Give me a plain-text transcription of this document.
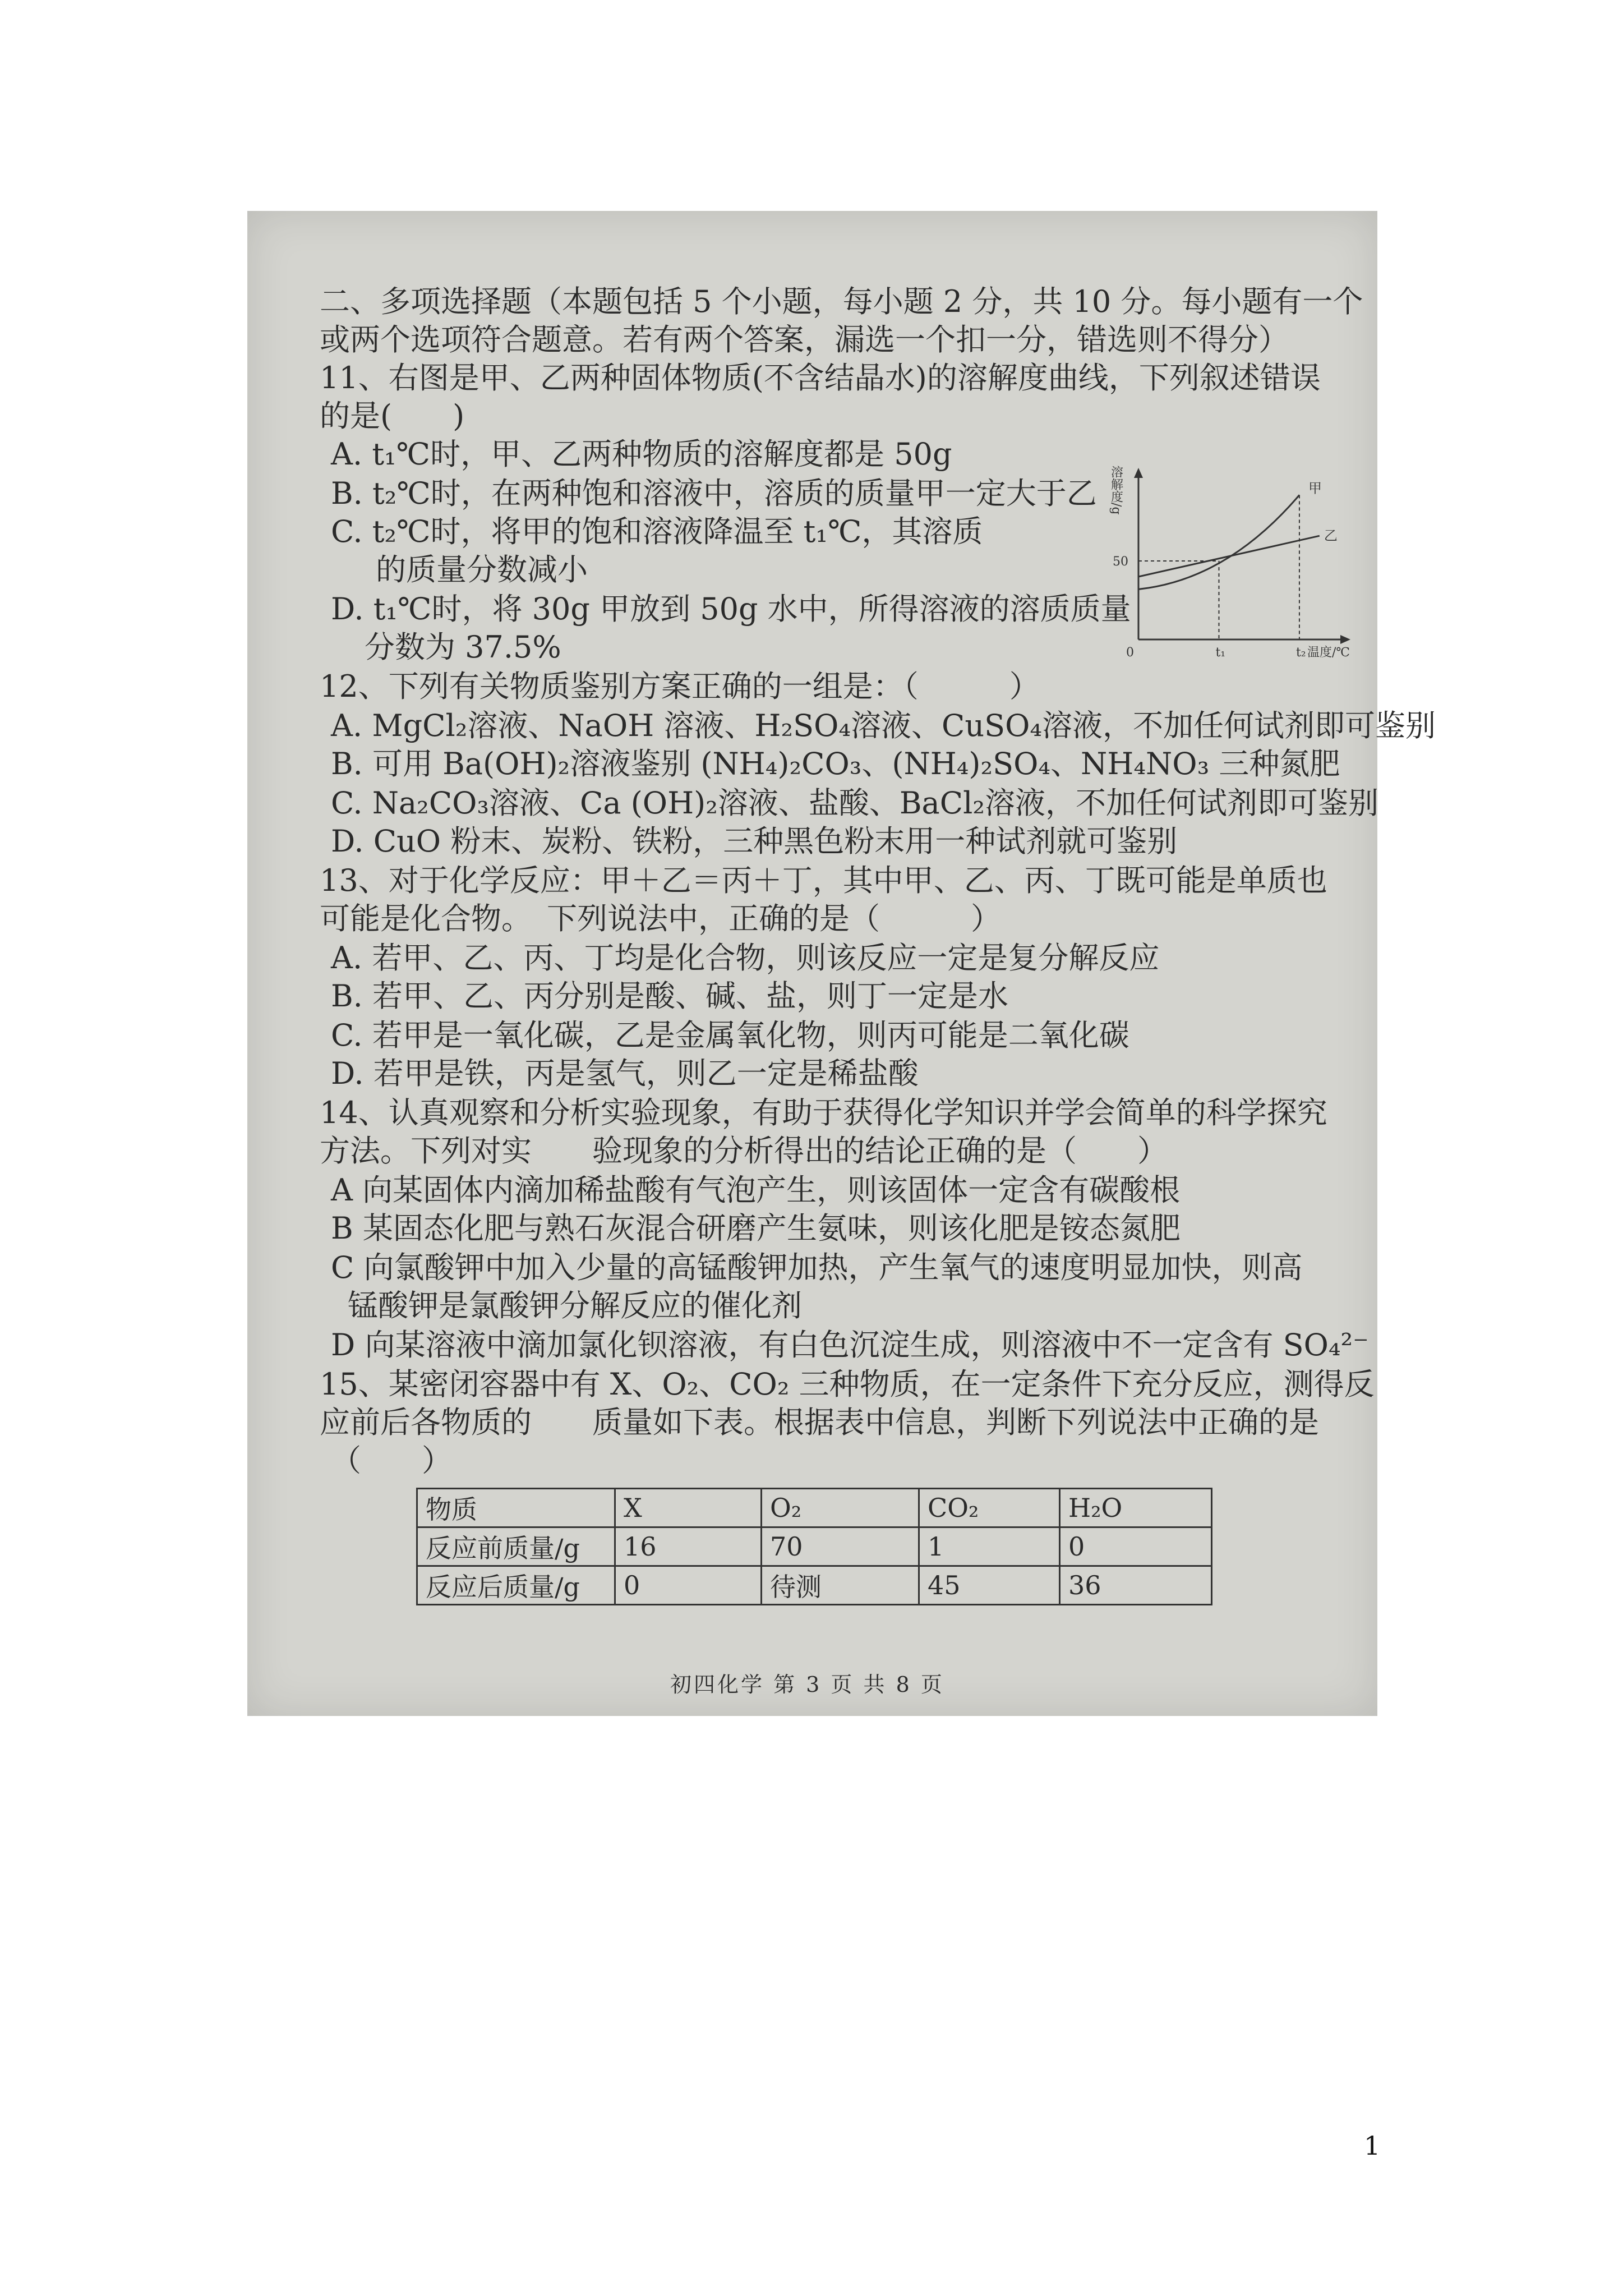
二、多项选择题（本题包括 5 个小题，每小题 2 分，共 10 分。每小题有一个
或两个选项符合题意。若有两个答案，漏选一个扣一分，错选则不得分）
11、右图是甲、乙两种固体物质(不含结晶水)的溶解度曲线，下列叙述错误
的是(　　)
A. t₁℃时，甲、乙两种物质的溶解度都是 50g
B. t₂℃时，在两种饱和溶液中，溶质的质量甲一定大于乙
C. t₂℃时，将甲的饱和溶液降温至 t₁℃，其溶质
的质量分数减小
D. t₁℃时，将 30g 甲放到 50g 水中，所得溶液的溶质质量
分数为 37.5%
溶解度/g
0	t₁	t₂
50
温度/℃
甲
乙
12、下列有关物质鉴别方案正确的一组是：（　　　）
A. MgCl₂溶液、NaOH 溶液、H₂SO₄溶液、CuSO₄溶液，不加任何试剂即可鉴别
B. 可用 Ba(OH)₂溶液鉴别 (NH₄)₂CO₃、(NH₄)₂SO₄、NH₄NO₃ 三种氮肥
C. Na₂CO₃溶液、Ca (OH)₂溶液、盐酸、BaCl₂溶液，不加任何试剂即可鉴别
D. CuO 粉末、炭粉、铁粉，三种黑色粉末用一种试剂就可鉴别
13、对于化学反应：甲＋乙＝丙＋丁，其中甲、乙、丙、丁既可能是单质也
可能是化合物。　下列说法中，正确的是（　　　）
A. 若甲、乙、丙、丁均是化合物，则该反应一定是复分解反应
B. 若甲、乙、丙分别是酸、碱、盐，则丁一定是水
C. 若甲是一氧化碳，乙是金属氧化物，则丙可能是二氧化碳
D. 若甲是铁，丙是氢气，则乙一定是稀盐酸
14、认真观察和分析实验现象，有助于获得化学知识并学会简单的科学探究
方法。下列对实　　验现象的分析得出的结论正确的是（　　）
A 向某固体内滴加稀盐酸有气泡产生，则该固体一定含有碳酸根
B 某固态化肥与熟石灰混合研磨产生氨味，则该化肥是铵态氮肥
C 向氯酸钾中加入少量的高锰酸钾加热，产生氧气的速度明显加快，则高
锰酸钾是氯酸钾分解反应的催化剂
D 向某溶液中滴加氯化钡溶液，有白色沉淀生成，则溶液中不一定含有 SO₄²⁻
15、某密闭容器中有 X、O₂、CO₂ 三种物质，在一定条件下充分反应，测得反
应前后各物质的　　质量如下表。根据表中信息，判断下列说法中正确的是
（　　）
物质	X	O₂	CO₂	H₂O
反应前质量/g	16	70	1	0
反应后质量/g	0	待测	45	36
初四化学 第 3 页 共 8 页
1
